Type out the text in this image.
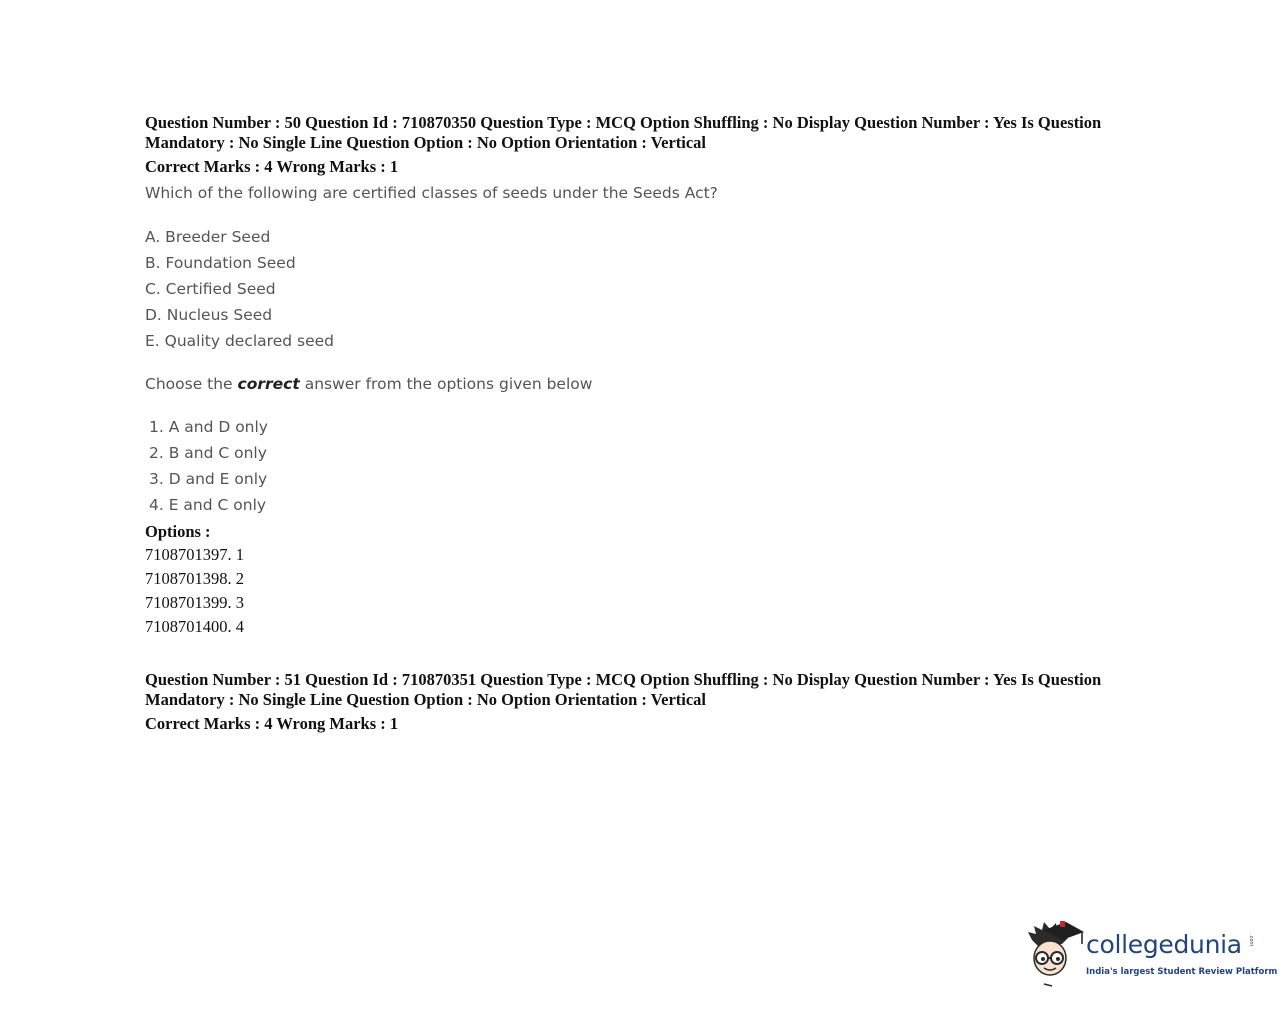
Question Number : 50 Question Id : 710870350 Question Type : MCQ Option Shuffling : No Display Question Number : Yes Is Question Mandatory : No Single Line Question Option : No Option Orientation : Vertical
Correct Marks : 4 Wrong Marks : 1
Which of the following are certified classes of seeds under the Seeds Act?
A. Breeder Seed
B. Foundation Seed
C. Certified Seed
D. Nucleus Seed
E. Quality declared seed
Choose the correct answer from the options given below
1. A and D only
2. B and C only
3. D and E only
4. E and C only
Options :
7108701397. 1
7108701398. 2
7108701399. 3
7108701400. 4
Question Number : 51 Question Id : 710870351 Question Type : MCQ Option Shuffling : No Display Question Number : Yes Is Question Mandatory : No Single Line Question Option : No Option Orientation : Vertical
Correct Marks : 4 Wrong Marks : 1
collegedunia .com
India's largest Student Review Platform
